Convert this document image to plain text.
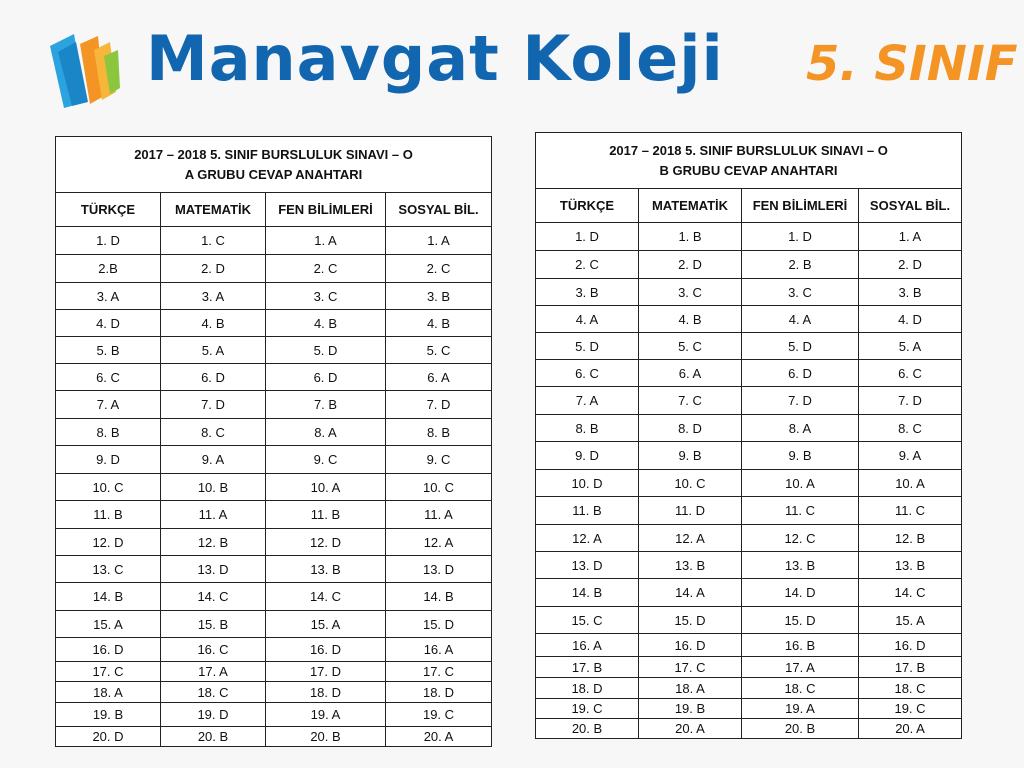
Manavgat Koleji 5. SINIF
2017 – 2018 5. SINIF BURSLULUK SINAVI – O
A GRUBU CEVAP ANAHTARI			

TÜRKÇE	MATEMATİK	FEN BİLİMLERİ	SOSYAL BİL.
1. D	1. C	1. A	1. A
2.B	2. D	2. C	2. C
3. A	3. A	3. C	3. B
4. D	4. B	4. B	4. B
5. B	5. A	5. D	5. C
6. C	6. D	6. D	6. A
7. A	7. D	7. B	7. D
8. B	8. C	8. A	8. B
9. D	9. A	9. C	9. C
10. C	10. B	10. A	10. C
11. B	11. A	11. B	11. A
12. D	12. B	12. D	12. A
13. C	13. D	13. B	13. D
14. B	14. C	14. C	14. B
15. A	15. B	15. A	15. D
16. D	16. C	16. D	16. A
17. C	17. A	17. D	17. C
18. A	18. C	18. D	18. D
19. B	19. D	19. A	19. C
20. D	20. B	20. B	20. A
2017 – 2018 5. SINIF BURSLULUK SINAVI – O
B GRUBU CEVAP ANAHTARI			

TÜRKÇE	MATEMATİK	FEN BİLİMLERİ	SOSYAL BİL.
1. D	1. B	1. D	1. A
2. C	2. D	2. B	2. D
3. B	3. C	3. C	3. B
4. A	4. B	4. A	4. D
5. D	5. C	5. D	5. A
6. C	6. A	6. D	6. C
7. A	7. C	7. D	7. D
8. B	8. D	8. A	8. C
9. D	9. B	9. B	9. A
10. D	10. C	10. A	10. A
11. B	11. D	11. C	11. C
12. A	12. A	12. C	12. B
13. D	13. B	13. B	13. B
14. B	14. A	14. D	14. C
15. C	15. D	15. D	15. A
16. A	16. D	16. B	16. D
17. B	17. C	17. A	17. B
18. D	18. A	18. C	18. C
19. C	19. B	19. A	19. C
20. B	20. A	20. B	20. A
